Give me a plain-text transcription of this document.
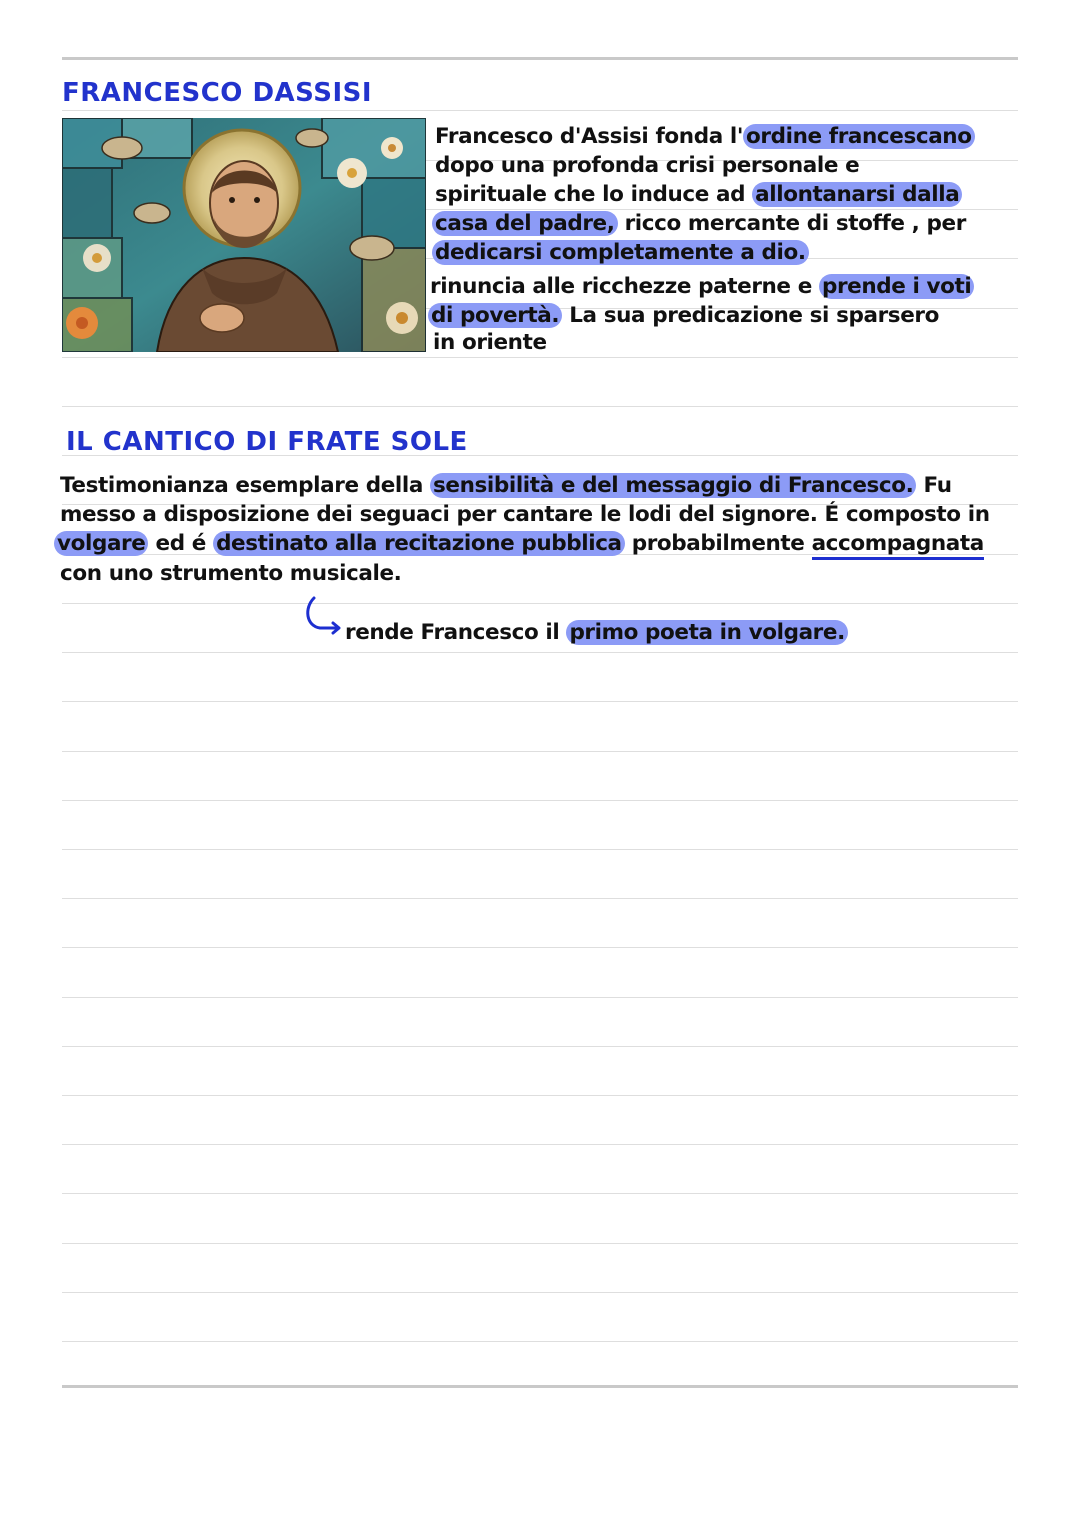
FRANCESCO DASSISI
Francesco d'Assisi fonda l' ordine francescano
dopo una profonda crisi personale e
spirituale che lo induce ad allontanarsi dalla
casa del padre, ricco mercante di stoffe , per
dedicarsi completamente a dio.
rinuncia alle ricchezze paterne e prende i voti
di povertà. La sua predicazione si sparsero
in oriente
IL CANTICO DI FRATE SOLE
Testimonianza esemplare della sensibilità e del messaggio di Francesco. Fu
messo a disposizione dei seguaci per cantare le lodi del signore. É composto in
volgare ed é destinato alla recitazione pubblica probabilmente accompagnata
con uno strumento musicale.
rende Francesco il primo poeta in volgare.
